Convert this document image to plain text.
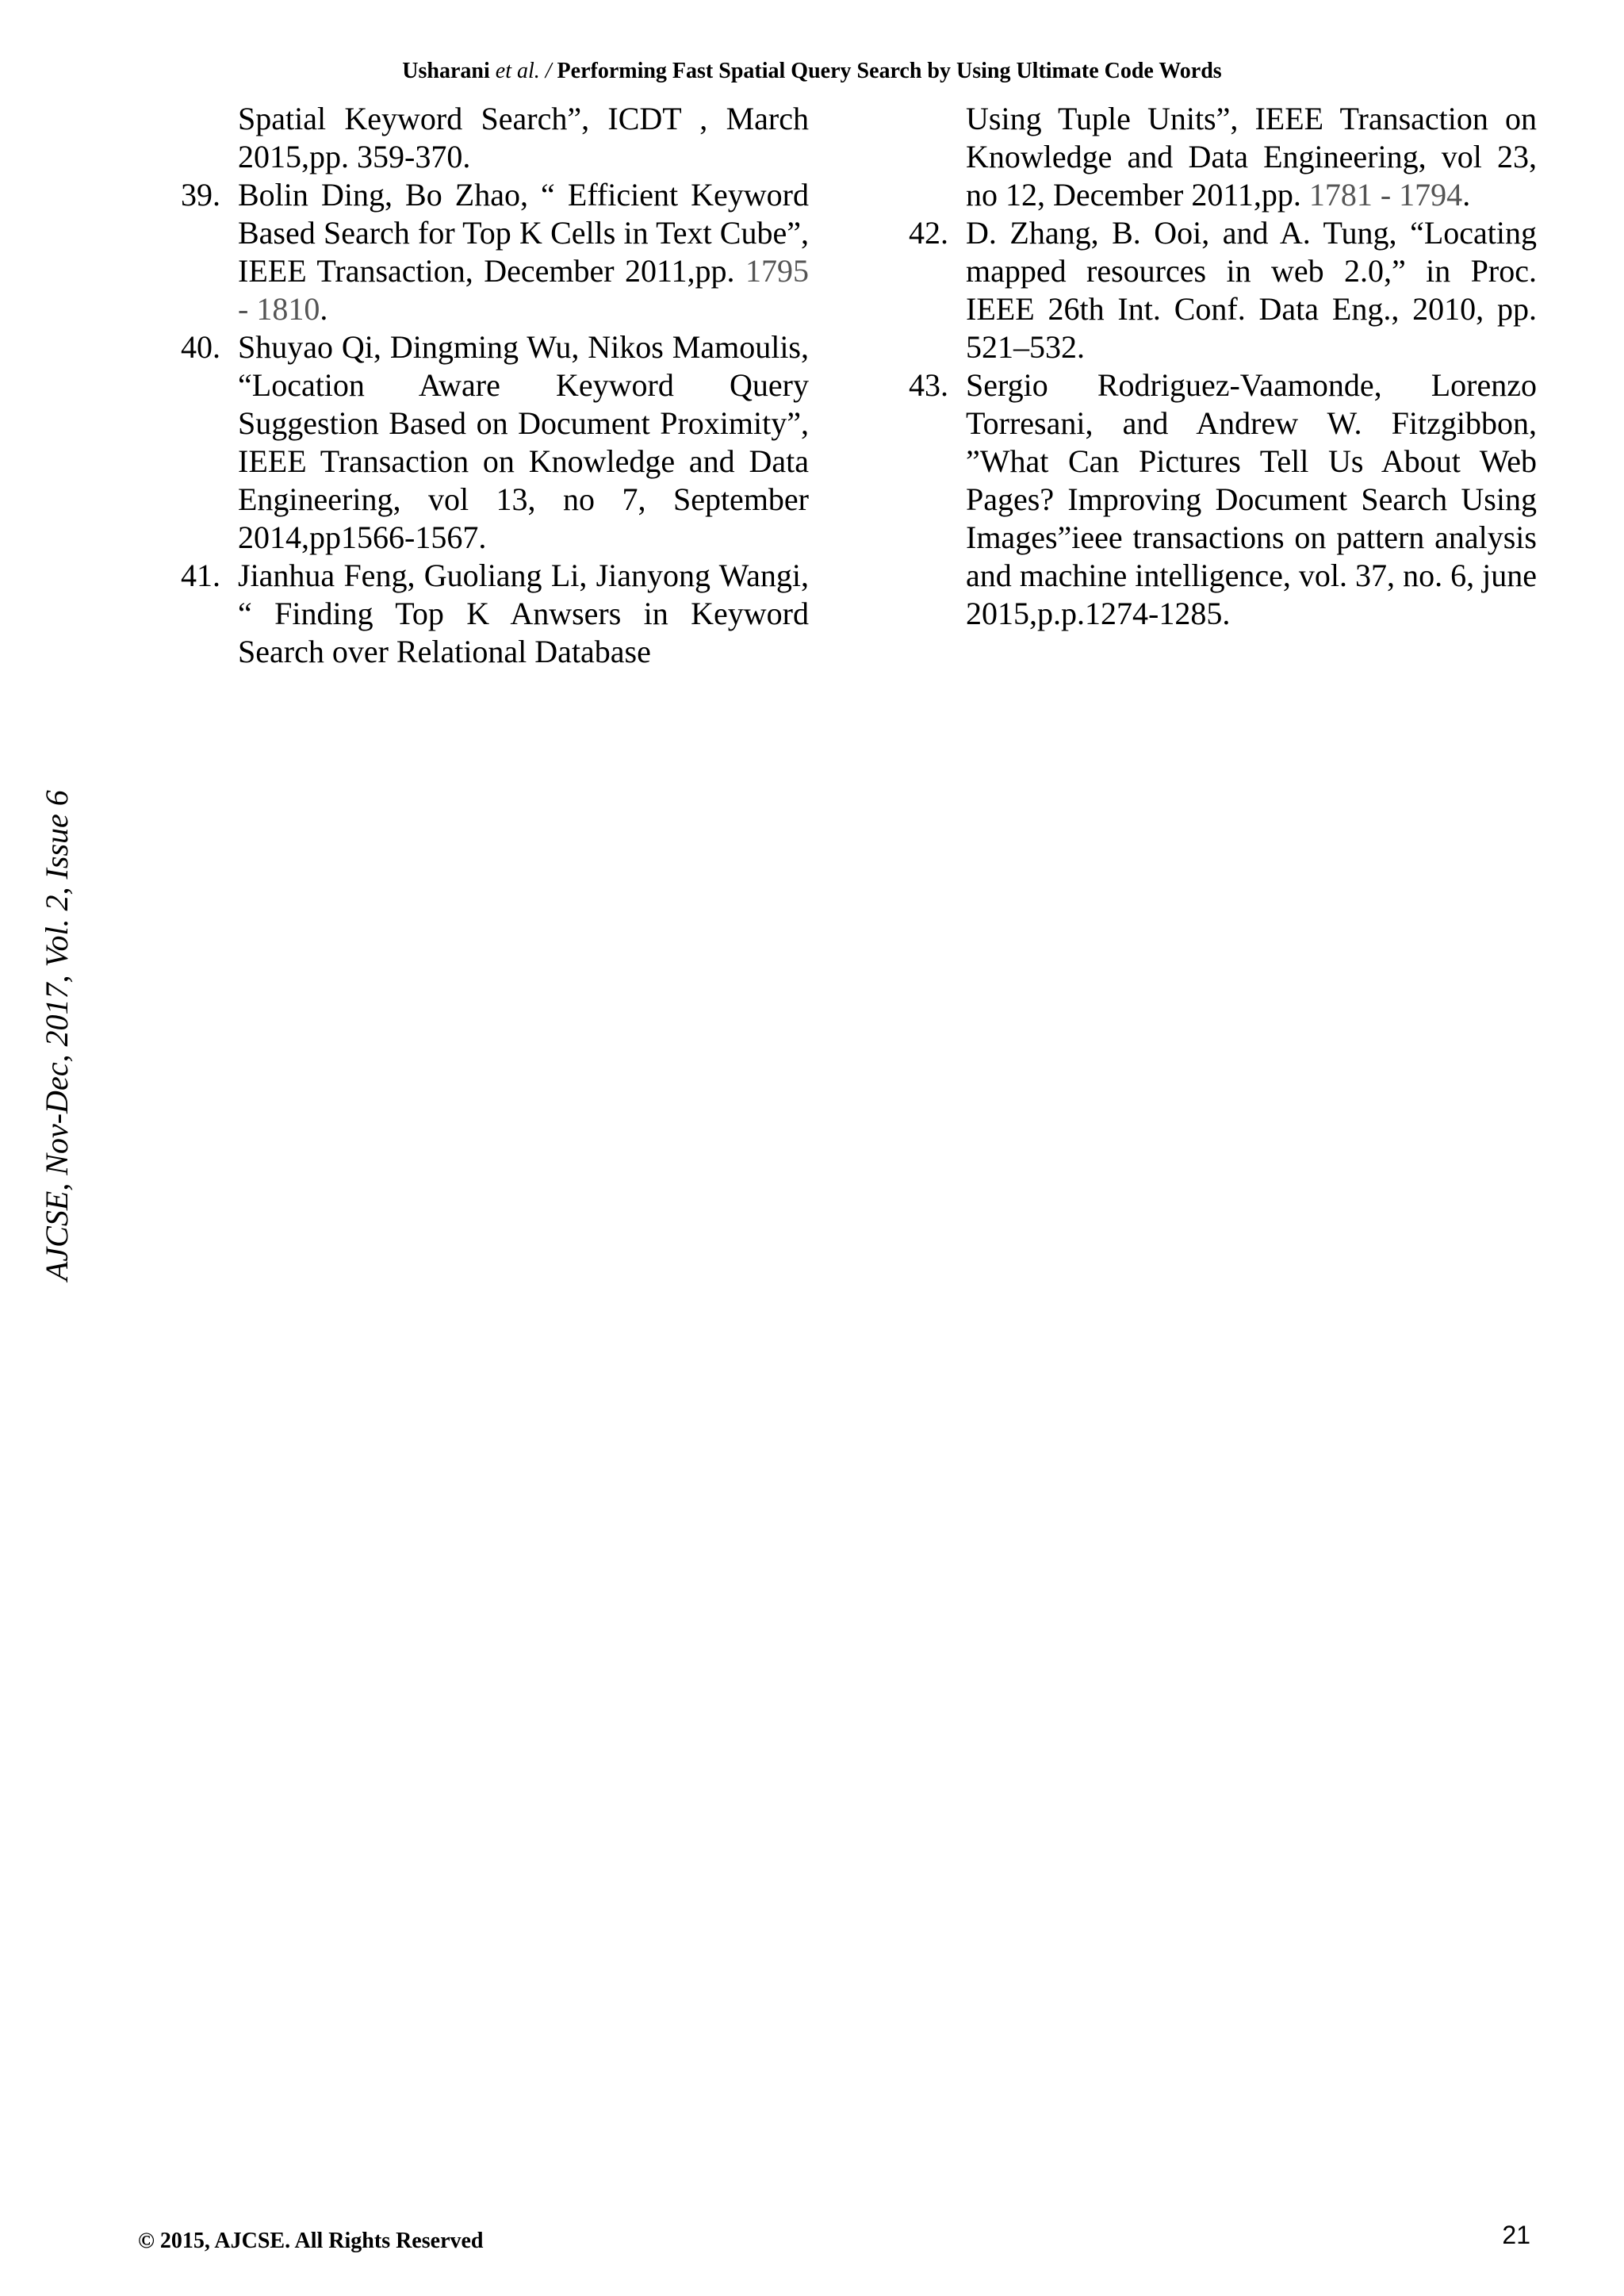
Usharani et al. / Performing Fast Spatial Query Search by Using Ultimate Code Words
AJCSE, Nov-Dec, 2017, Vol. 2, Issue 6

Spatial Keyword Search”, ICDT , March 2015,pp. 359-370.

39. Bolin Ding, Bo Zhao, “ Efficient Keyword Based Search for Top K Cells in Text Cube”, IEEE Transaction, December 2011,pp. 1795 - 1810.

40. Shuyao Qi, Dingming Wu, Nikos Mamoulis, “Location Aware Keyword Query Suggestion Based on Document Proximity”, IEEE Transaction on Knowledge and Data Engineering, vol 13, no 7, September 2014,pp1566-1567.

41. Jianhua Feng, Guoliang Li, Jianyong Wangi, “ Finding Top K Anwsers in Keyword Search over Relational Database

Using Tuple Units”, IEEE Transaction on Knowledge and Data Engineering, vol 23, no 12, December 2011,pp. 1781 - 1794.

42. D. Zhang, B. Ooi, and A. Tung, “Locating mapped resources in web 2.0,” in Proc. IEEE 26th Int. Conf. Data Eng., 2010, pp. 521–532.

43. Sergio Rodriguez-Vaamonde, Lorenzo Torresani, and Andrew W. Fitzgibbon, ”What Can Pictures Tell Us About Web Pages? Improving Document Search Using Images”ieee transactions on pattern analysis and machine intelligence, vol. 37, no. 6, june 2015,p.p.1274-1285.

© 2015, AJCSE. All Rights Reserved	21
